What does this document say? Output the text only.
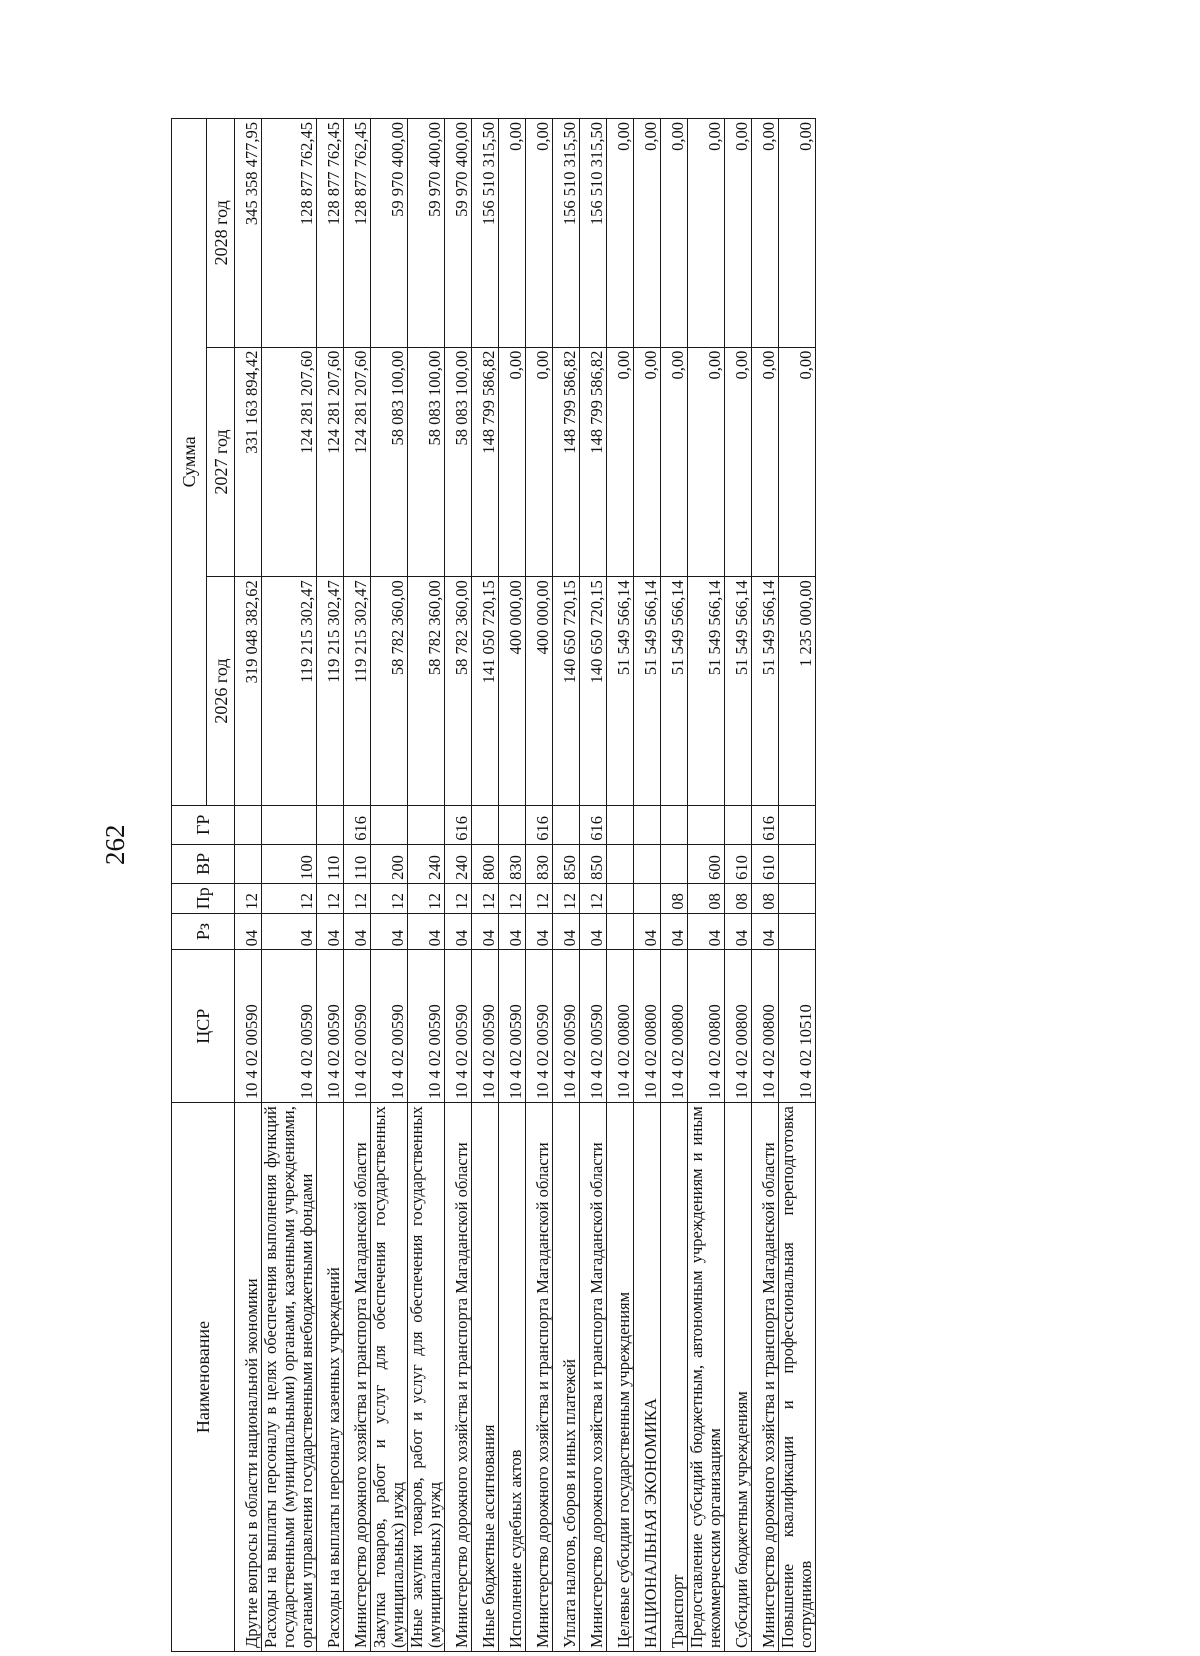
262
Наименование	ЦСР	Рз	Пр	ВР	ГР	Сумма		
						2026 год	2027 год	2028 год
Другие вопросы в области национальной экономики	10 4 02 00590	04	12			319 048 382,62	331 163 894,42	345 358 477,95
Расходы на выплаты персоналу в целях обеспечения выполнения функций государственными (муниципальными) органами, казенными учреждениями, органами управления государственными внебюджетными фондами	10 4 02 00590	04	12	100		119 215 302,47	124 281 207,60	128 877 762,45
Расходы на выплаты персоналу казенных учреждений	10 4 02 00590	04	12	110		119 215 302,47	124 281 207,60	128 877 762,45
Министерство дорожного хозяйства и транспорта Магаданской области	10 4 02 00590	04	12	110	616	119 215 302,47	124 281 207,60	128 877 762,45
Закупка товаров, работ и услуг для обеспечения государственных (муниципальных) нужд	10 4 02 00590	04	12	200		58 782 360,00	58 083 100,00	59 970 400,00
Иные закупки товаров, работ и услуг для обеспечения государственных (муниципальных) нужд	10 4 02 00590	04	12	240		58 782 360,00	58 083 100,00	59 970 400,00
Министерство дорожного хозяйства и транспорта Магаданской области	10 4 02 00590	04	12	240	616	58 782 360,00	58 083 100,00	59 970 400,00
Иные бюджетные ассигнования	10 4 02 00590	04	12	800		141 050 720,15	148 799 586,82	156 510 315,50
Исполнение судебных актов	10 4 02 00590	04	12	830		400 000,00	0,00	0,00
Министерство дорожного хозяйства и транспорта Магаданской области	10 4 02 00590	04	12	830	616	400 000,00	0,00	0,00
Уплата налогов, сборов и иных платежей	10 4 02 00590	04	12	850		140 650 720,15	148 799 586,82	156 510 315,50
Министерство дорожного хозяйства и транспорта Магаданской области	10 4 02 00590	04	12	850	616	140 650 720,15	148 799 586,82	156 510 315,50
Целевые субсидии государственным учреждениям	10 4 02 00800					51 549 566,14	0,00	0,00
НАЦИОНАЛЬНАЯ ЭКОНОМИКА	10 4 02 00800	04				51 549 566,14	0,00	0,00
Транспорт	10 4 02 00800	04	08			51 549 566,14	0,00	0,00
Предоставление субсидий бюджетным, автономным учреждениям и иным некоммерческим организациям	10 4 02 00800	04	08	600		51 549 566,14	0,00	0,00
Субсидии бюджетным учреждениям	10 4 02 00800	04	08	610		51 549 566,14	0,00	0,00
Министерство дорожного хозяйства и транспорта Магаданской области	10 4 02 00800	04	08	610	616	51 549 566,14	0,00	0,00
Повышение квалификации и профессиональная переподготовка сотрудников	10 4 02 10510					1 235 000,00	0,00	0,00
